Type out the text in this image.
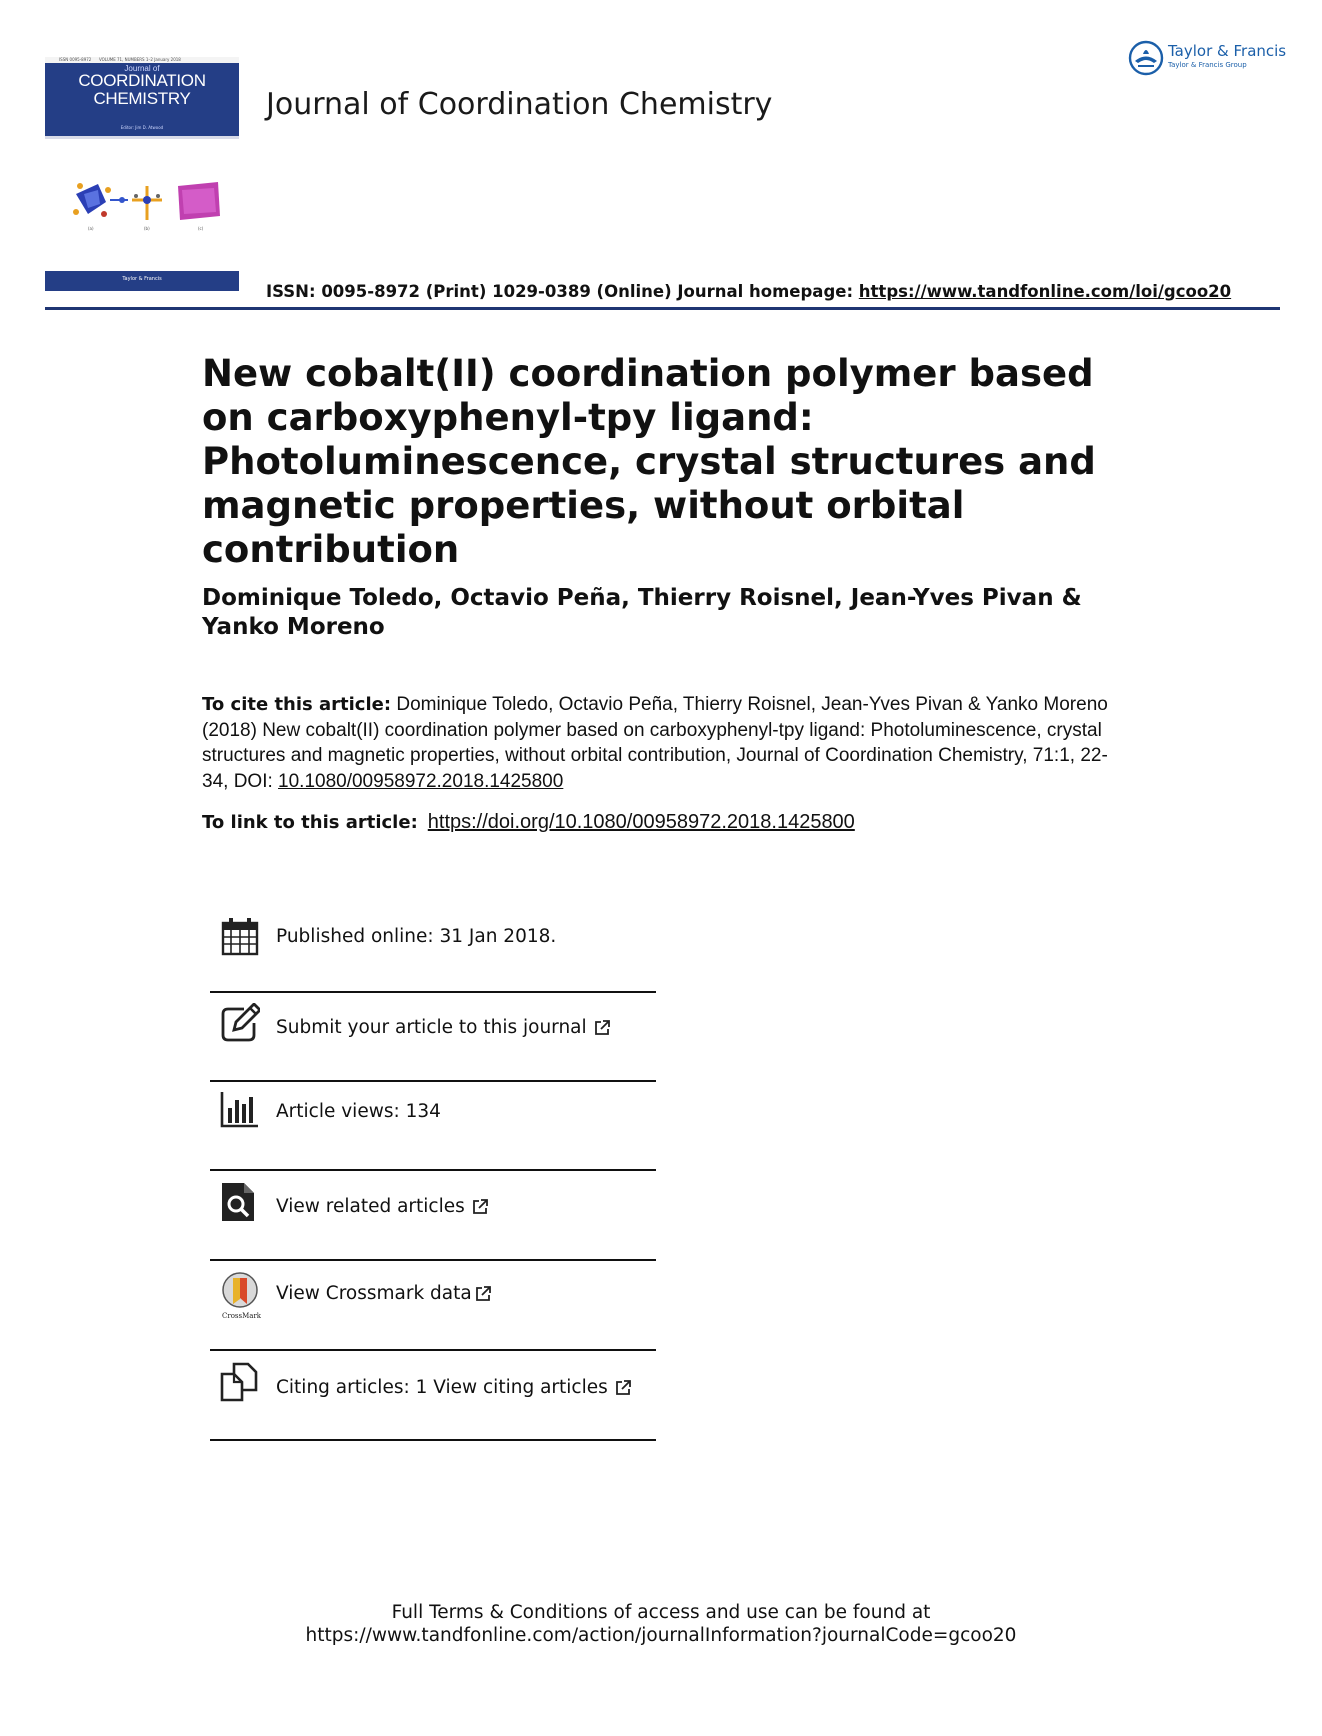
ISSN 0095-8972 VOLUME 71, NUMBERS 1–2 January 2018
Journal of
COORDINATION
CHEMISTRY
Editor: Jim D. Atwood
(a)	(b)	(c)
Taylor & Francis
Journal of Coordination Chemistry
Taylor & Francis
Taylor & Francis Group
ISSN: 0095-8972 (Print) 1029-0389 (Online) Journal homepage: https://www.tandfonline.com/loi/gcoo20
New cobalt(II) coordination polymer based on carboxyphenyl-tpy ligand: Photoluminescence, crystal structures and magnetic properties, without orbital contribution
Dominique Toledo, Octavio Peña, Thierry Roisnel, Jean-Yves Pivan & Yanko Moreno
To cite this article: Dominique Toledo, Octavio Peña, Thierry Roisnel, Jean-Yves Pivan & Yanko Moreno (2018) New cobalt(II) coordination polymer based on carboxyphenyl-tpy ligand: Photoluminescence, crystal structures and magnetic properties, without orbital contribution, Journal of Coordination Chemistry, 71:1, 22-34, DOI: 10.1080/00958972.2018.1425800
To link to this article: https://doi.org/10.1080/00958972.2018.1425800
Published online: 31 Jan 2018.
Submit your article to this journal
Article views: 134
View related articles
CrossMark
View Crossmark data
Citing articles: 1 View citing articles
Full Terms & Conditions of access and use can be found at
https://www.tandfonline.com/action/journalInformation?journalCode=gcoo20
